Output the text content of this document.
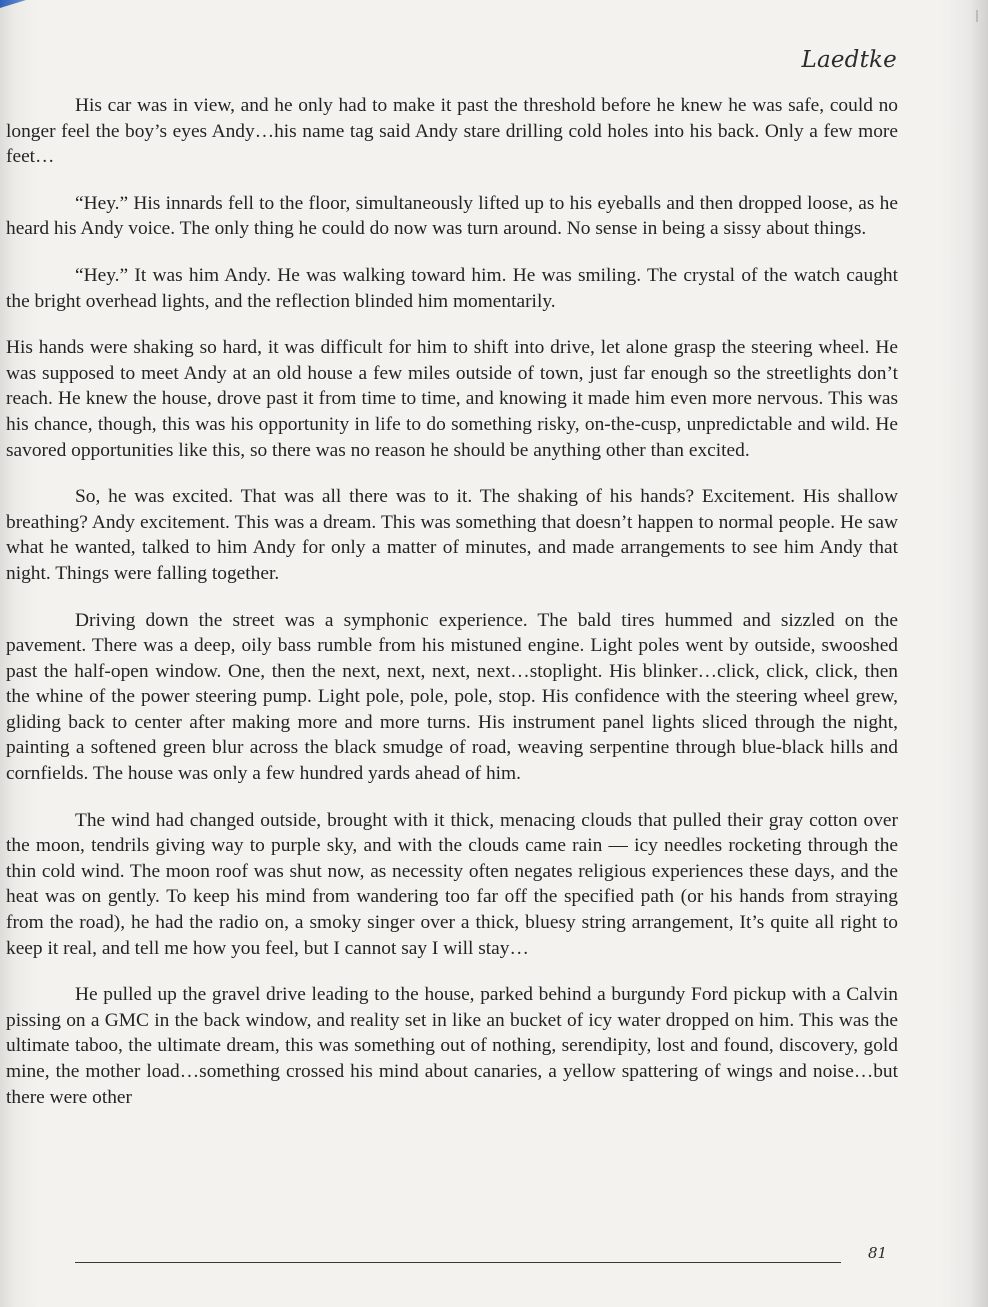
Laedtke

His car was in view, and he only had to make it past the threshold before he knew he was safe, could no longer feel the boy’s eyes Andy…his name tag said Andy stare drilling cold holes into his back. Only a few more feet…

“Hey.” His innards fell to the floor, simultaneously lifted up to his eyeballs and then dropped loose, as he heard his Andy voice. The only thing he could do now was turn around. No sense in being a sissy about things.

“Hey.” It was him Andy. He was walking toward him. He was smiling. The crystal of the watch caught the bright overhead lights, and the reflection blinded him momentarily.

His hands were shaking so hard, it was difficult for him to shift into drive, let alone grasp the steering wheel. He was supposed to meet Andy at an old house a few miles outside of town, just far enough so the streetlights don’t reach. He knew the house, drove past it from time to time, and knowing it made him even more nervous. This was his chance, though, this was his opportunity in life to do something risky, on-the-cusp, unpredictable and wild. He savored opportunities like this, so there was no reason he should be anything other than excited.

So, he was excited. That was all there was to it. The shaking of his hands? Excitement. His shallow breathing? Andy excitement. This was a dream. This was something that doesn’t happen to normal people. He saw what he wanted, talked to him Andy for only a matter of minutes, and made arrangements to see him Andy that night. Things were falling together.

Driving down the street was a symphonic experience. The bald tires hummed and sizzled on the pavement. There was a deep, oily bass rumble from his mistuned engine. Light poles went by outside, swooshed past the half-open window. One, then the next, next, next, next…stoplight. His blinker…click, click, click, then the whine of the power steering pump. Light pole, pole, pole, stop. His confidence with the steering wheel grew, gliding back to center after making more and more turns. His instrument panel lights sliced through the night, painting a softened green blur across the black smudge of road, weaving serpentine through blue-black hills and cornfields. The house was only a few hundred yards ahead of him.

The wind had changed outside, brought with it thick, menacing clouds that pulled their gray cotton over the moon, tendrils giving way to purple sky, and with the clouds came rain — icy needles rocketing through the thin cold wind. The moon roof was shut now, as necessity often negates religious experiences these days, and the heat was on gently. To keep his mind from wandering too far off the specified path (or his hands from straying from the road), he had the radio on, a smoky singer over a thick, bluesy string arrangement, It’s quite all right to keep it real, and tell me how you feel, but I cannot say I will stay…

He pulled up the gravel drive leading to the house, parked behind a burgundy Ford pickup with a Calvin pissing on a GMC in the back window, and reality set in like an bucket of icy water dropped on him. This was the ultimate taboo, the ultimate dream, this was something out of nothing, serendipity, lost and found, discovery, gold mine, the mother load…something crossed his mind about canaries, a yellow spattering of wings and noise…but there were other

81
